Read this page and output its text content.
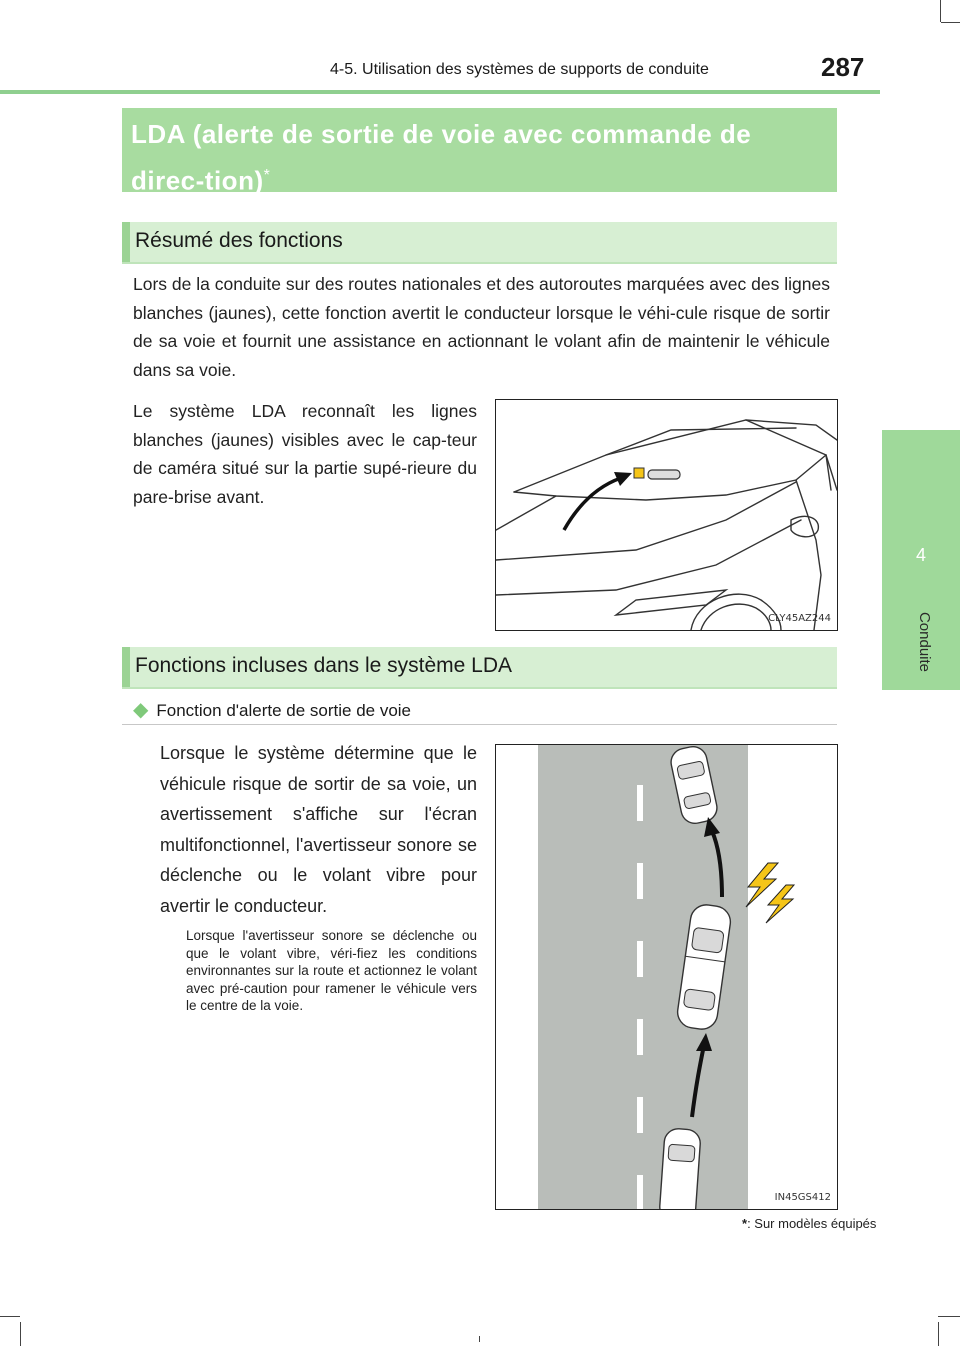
4-5. Utilisation des systèmes de supports de conduite	287
4
Conduite
LDA (alerte de sortie de voie avec commande de direc-tion)*
Résumé des fonctions
Lors de la conduite sur des routes nationales et des autoroutes marquées avec des lignes blanches (jaunes), cette fonction avertit le conducteur lorsque le véhi-cule risque de sortir de sa voie et fournit une assistance en actionnant le volant afin de maintenir le véhicule dans sa voie.
Le système LDA reconnaît les lignes blanches (jaunes) visibles avec le cap-teur de caméra situé sur la partie supé-rieure du pare-brise avant.
CLY45AZ244
Fonctions incluses dans le système LDA
◆ Fonction d'alerte de sortie de voie
Lorsque le système détermine que le véhicule risque de sortir de sa voie, un avertissement s'affiche sur l'écran multifonctionnel, l'avertisseur sonore se déclenche ou le volant vibre pour avertir le conducteur.
Lorsque l'avertisseur sonore se déclenche ou que le volant vibre, véri-fiez les conditions environnantes sur la route et actionnez le volant avec pré-caution pour ramener le véhicule vers le centre de la voie.
IN45GS412
*: Sur modèles équipés
